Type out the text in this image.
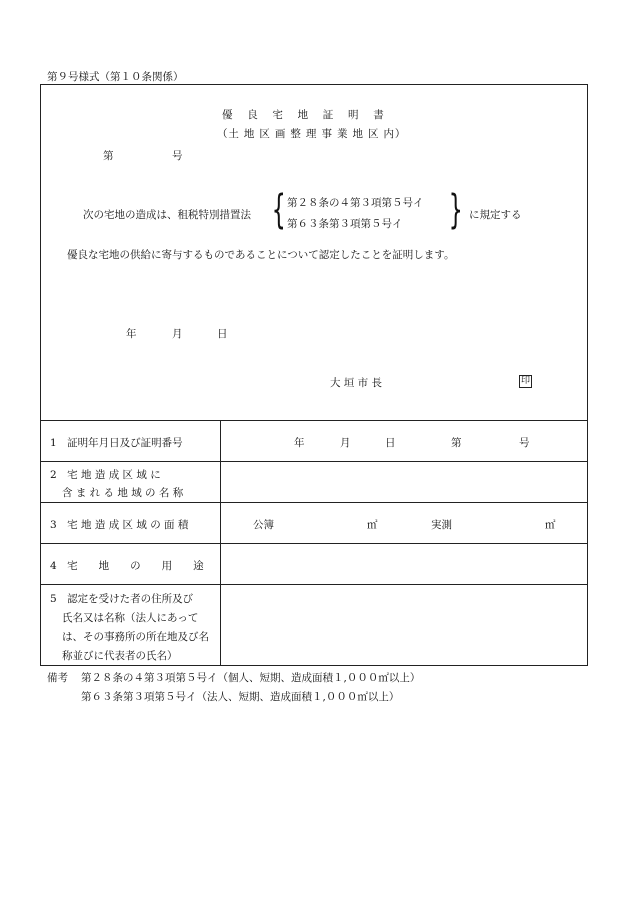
第９号様式（第１０条関係）
優　良　宅　地　証　明　書
（土 地 区 画 整 理 事 業 地 区 内）
第	号
次の宅地の造成は、租税特別措置法 { 第２８条の４第３項第５号イ
第６３条第３項第５号イ } に規定する
優良な宅地の供給に寄与するものであることについて認定したことを証明します。
年	月	日
大 垣 市 長	印
1　証明年月日及び証明番号	年	月	日	第	号
2　宅 地 造 成 区 域 に
含 ま れ る 地 域 の 名 称
3　宅 地 造 成 区 域 の 面 積	公簿	㎡	実測	㎡
4　宅　　地　　の　　用　　途
5　認定を受けた者の住所及び
氏名又は名称（法人にあって
は、その事務所の所在地及び名
称並びに代表者の氏名）
備考 第２８条の４第３項第５号イ（個人、短期、造成面積１,０００㎡以上）
第６３条第３項第５号イ（法人、短期、造成面積１,０００㎡以上）
